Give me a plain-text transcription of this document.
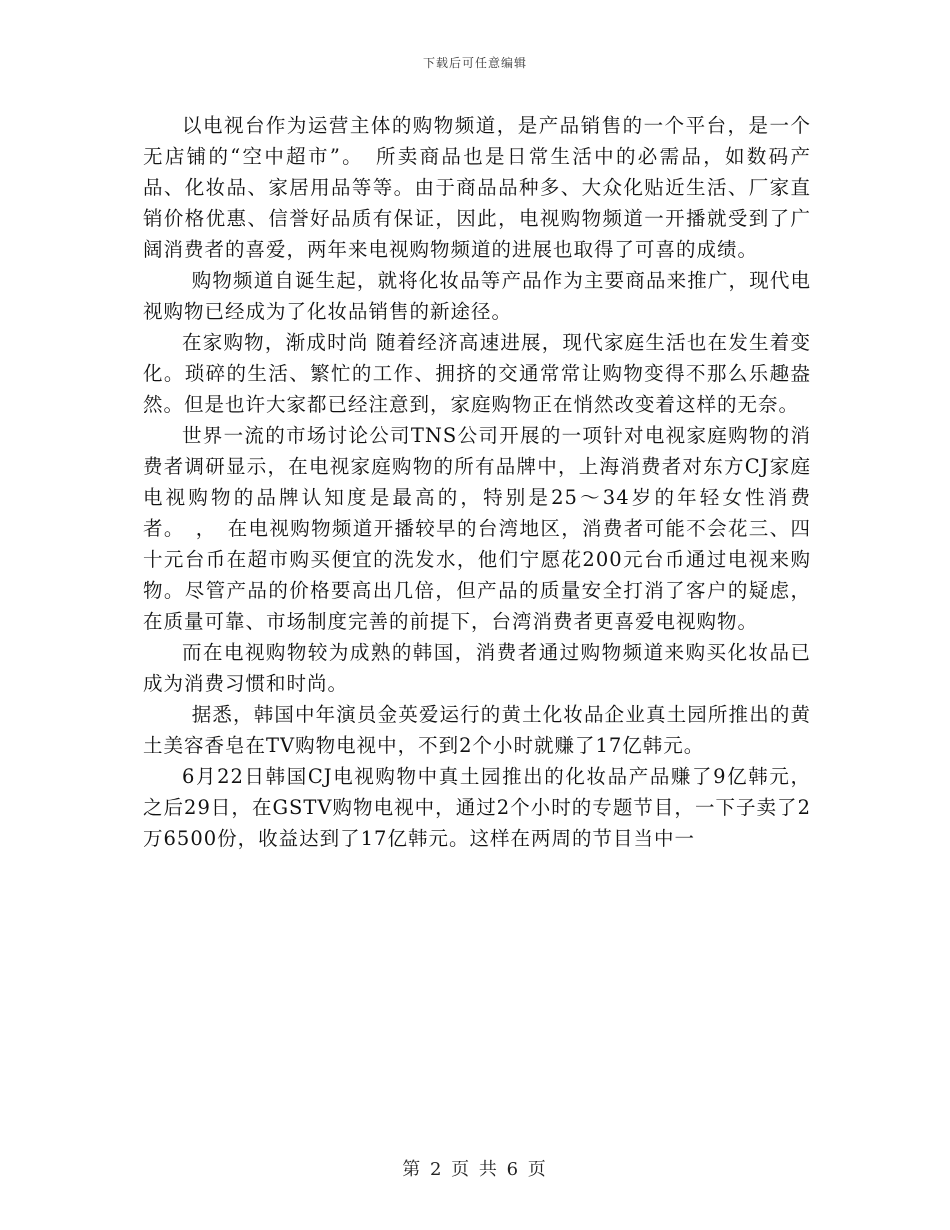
下载后可任意编辑

以电视台作为运营主体的购物频道，是产品销售的一个平台，是一个无店铺的“空中超市”。　所卖商品也是日常生活中的必需品，如数码产品、化妆品、家居用品等等。由于商品品种多、大众化贴近生活、厂家直销价格优惠、信誉好品质有保证，因此，电视购物频道一开播就受到了广阔消费者的喜爱，两年来电视购物频道的进展也取得了可喜的成绩。

购物频道自诞生起，就将化妆品等产品作为主要商品来推广，现代电视购物已经成为了化妆品销售的新途径。

在家购物，渐成时尚 随着经济高速进展，现代家庭生活也在发生着变化。琐碎的生活、繁忙的工作、拥挤的交通常常让购物变得不那么乐趣盎然。但是也许大家都已经注意到，家庭购物正在悄然改变着这样的无奈。

世界一流的市场讨论公司TNS公司开展的一项针对电视家庭购物的消费者调研显示，在电视家庭购物的所有品牌中，上海消费者对东方CJ家庭电视购物的品牌认知度是最高的，特别是25～34岁的年轻女性消费者。　，　在电视购物频道开播较早的台湾地区，消费者可能不会花三、四十元台币在超市购买便宜的洗发水，他们宁愿花200元台币通过电视来购物。尽管产品的价格要高出几倍，但产品的质量安全打消了客户的疑虑，在质量可靠、市场制度完善的前提下，台湾消费者更喜爱电视购物。

而在电视购物较为成熟的韩国，消费者通过购物频道来购买化妆品已成为消费习惯和时尚。

据悉，韩国中年演员金英爱运行的黄土化妆品企业真土园所推出的黄土美容香皂在TV购物电视中，不到2个小时就赚了17亿韩元。

6月22日韩国CJ电视购物中真土园推出的化妆品产品赚了9亿韩元，之后29日，在GSTV购物电视中，通过2个小时的专题节目，一下子卖了2万6500份，收益达到了17亿韩元。这样在两周的节目当中一

第 2 页 共 6 页
